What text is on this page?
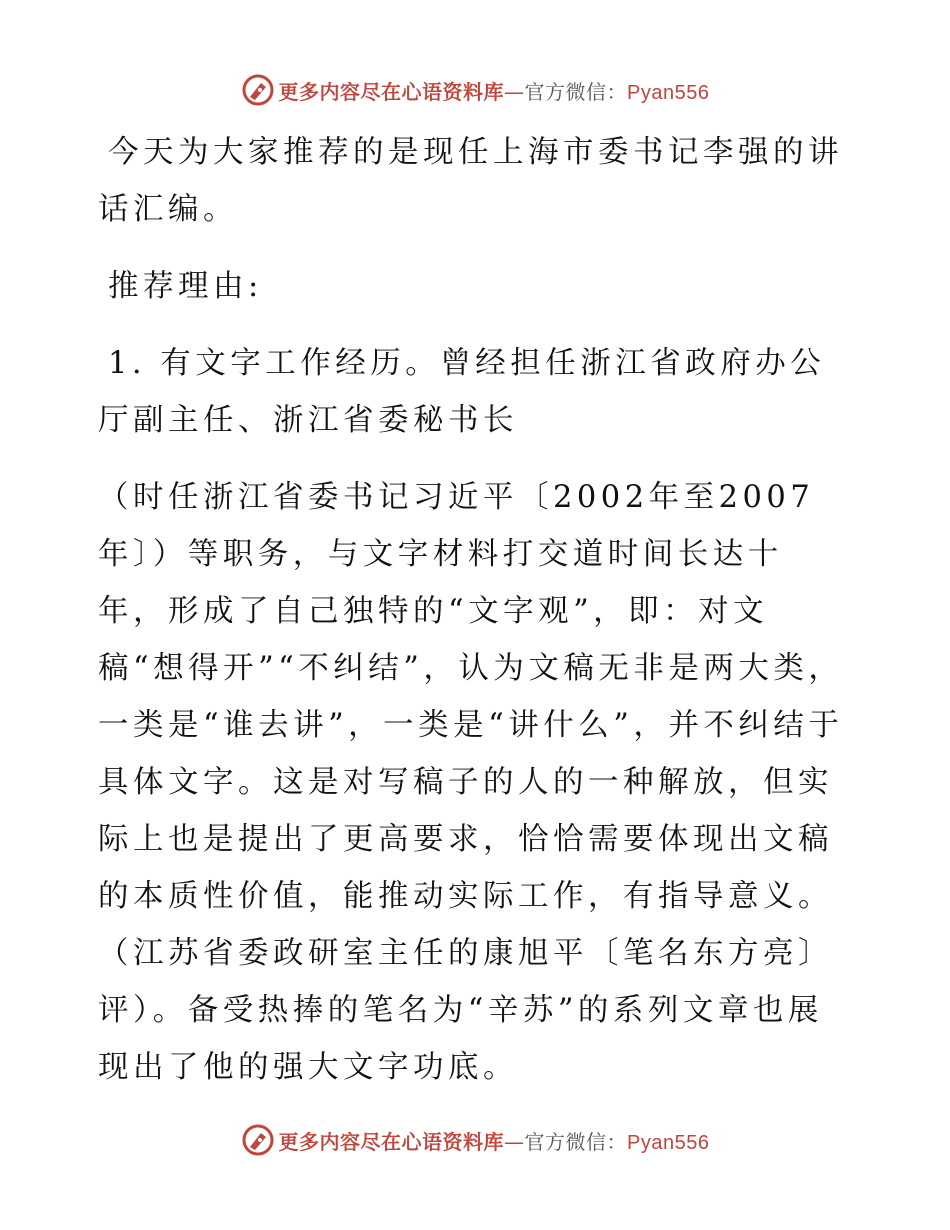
更多内容尽在心语资料库—官方微信：Pyan556

今天为大家推荐的是现任上海市委书记李强的讲话汇编。

推荐理由:

1. 有文字工作经历。曾经担任浙江省政府办公厅副主任、浙江省委秘书长

（时任浙江省委书记习近平〔2002年至2007年〕）等职务，与文字材料打交道时间长达十年，形成了自己独特的“文字观”，即：对文稿“想得开”“不纠结”，认为文稿无非是两大类，一类是“谁去讲”，一类是“讲什么”，并不纠结于具体文字。这是对写稿子的人的一种解放，但实际上也是提出了更高要求，恰恰需要体现出文稿的本质性价值，能推动实际工作，有指导意义。（江苏省委政研室主任的康旭平〔笔名东方亮〕评）。备受热捧的笔名为“辛苏”的系列文章也展现出了他的强大文字功底。

更多内容尽在心语资料库—官方微信：Pyan556
